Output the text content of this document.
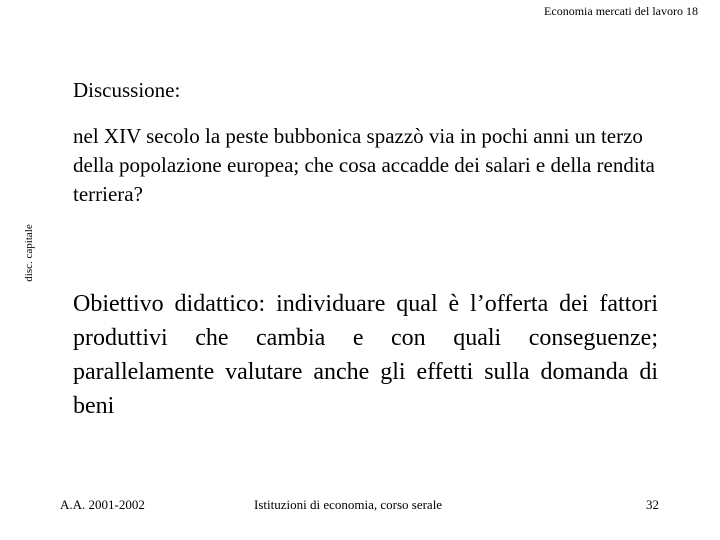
Economia mercati del lavoro 18
disc. capitale
Discussione:
nel XIV secolo la peste bubbonica spazzò via in pochi anni un terzo della popolazione europea; che cosa accadde dei salari e della rendita terriera?
Obiettivo didattico: individuare qual è l’offerta dei fattori produttivi che cambia e con quali conseguenze; parallelamente valutare anche gli effetti sulla domanda di beni
A.A. 2001-2002	Istituzioni di economia, corso serale	32
